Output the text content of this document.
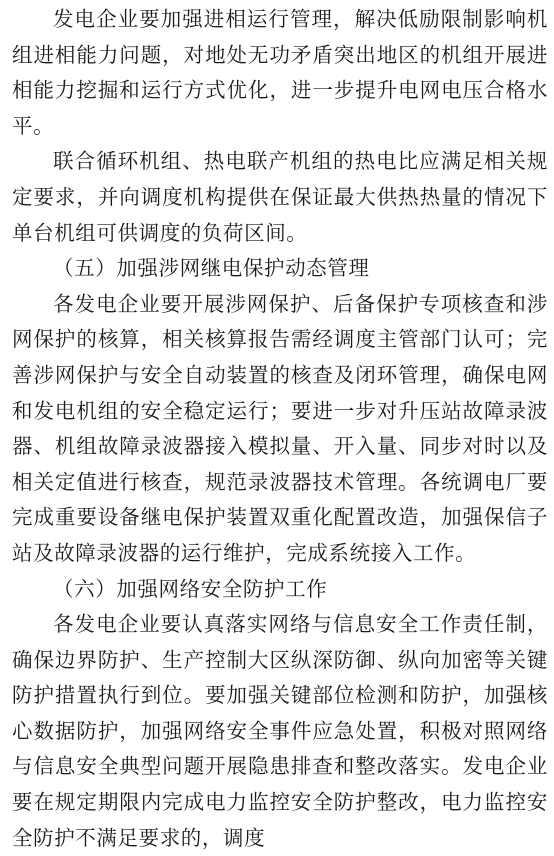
发电企业要加强进相运行管理，解决低励限制影响机组进相能力问题，对地处无功矛盾突出地区的机组开展进相能力挖掘和运行方式优化，进一步提升电网电压合格水平。

联合循环机组、热电联产机组的热电比应满足相关规定要求，并向调度机构提供在保证最大供热热量的情况下单台机组可供调度的负荷区间。

（五）加强涉网继电保护动态管理

各发电企业要开展涉网保护、后备保护专项核查和涉网保护的核算，相关核算报告需经调度主管部门认可；完善涉网保护与安全自动装置的核查及闭环管理，确保电网和发电机组的安全稳定运行；要进一步对升压站故障录波器、机组故障录波器接入模拟量、开入量、同步对时以及相关定值进行核查，规范录波器技术管理。各统调电厂要完成重要设备继电保护装置双重化配置改造，加强保信子站及故障录波器的运行维护，完成系统接入工作。

（六）加强网络安全防护工作

各发电企业要认真落实网络与信息安全工作责任制，确保边界防护、生产控制大区纵深防御、纵向加密等关键防护措置执行到位。要加强关键部位检测和防护，加强核心数据防护，加强网络安全事件应急处置，积极对照网络与信息安全典型问题开展隐患排查和整改落实。发电企业要在规定期限内完成电力监控安全防护整改，电力监控安全防护不满足要求的，调度
